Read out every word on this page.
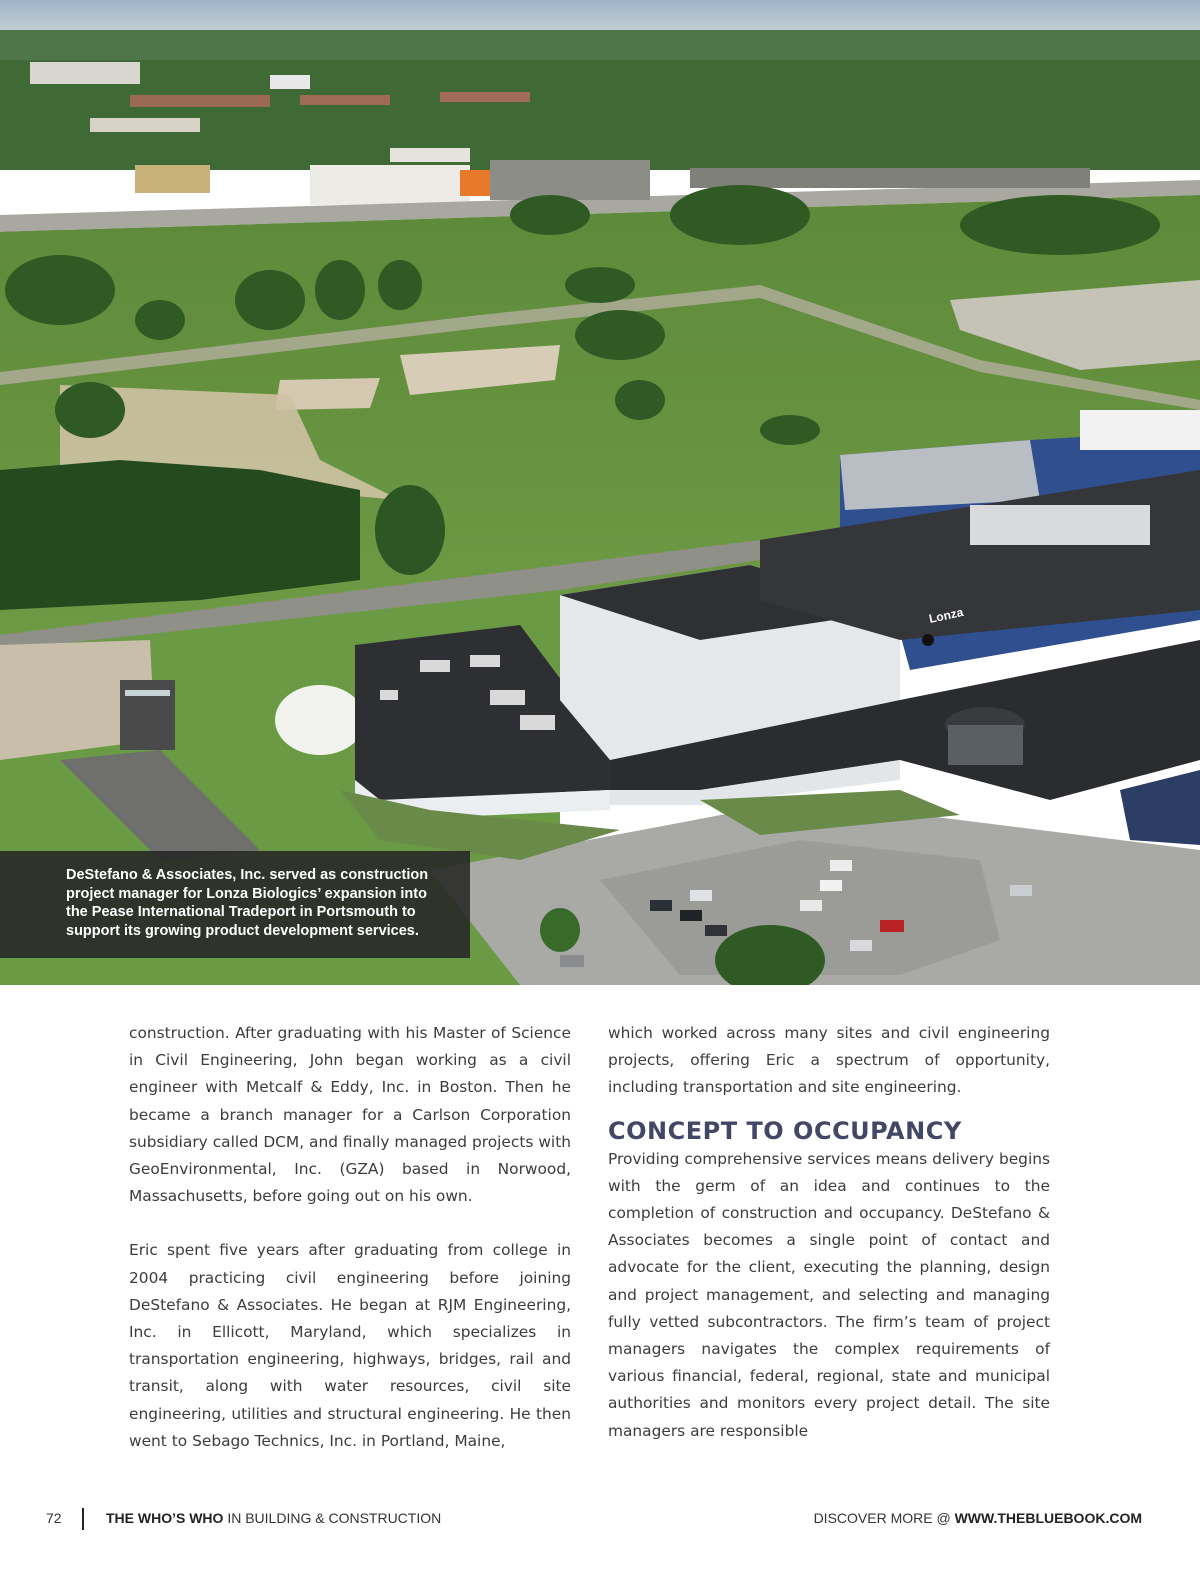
Lonza

DeStefano & Associates, Inc. served as construction project manager for Lonza Biologics’ expansion into the Pease International Tradeport in Portsmouth to support its growing product development services.

construction. After graduating with his Master of Science in Civil Engineering, John began working as a civil engineer with Metcalf & Eddy, Inc. in Boston. Then he became a branch manager for a Carlson Corporation subsidiary called DCM, and finally managed projects with GeoEnvironmental, Inc. (GZA) based in Norwood, Massachusetts, before going out on his own.

Eric spent five years after graduating from college in 2004 practicing civil engineering before joining DeStefano & Associates. He began at RJM Engineering, Inc. in Ellicott, Maryland, which specializes in transportation engineering, highways, bridges, rail and transit, along with water resources, civil site engineering, utilities and structural engineering. He then went to Sebago Technics, Inc. in Portland, Maine,

which worked across many sites and civil engineering projects, offering Eric a spectrum of opportunity, including transportation and site engineering.

CONCEPT TO OCCUPANCY

Providing comprehensive services means delivery begins with the germ of an idea and continues to the completion of construction and occupancy. DeStefano & Associates becomes a single point of contact and advocate for the client, executing the planning, design and project management, and selecting and managing fully vetted subcontractors. The firm’s team of project managers navigates the complex requirements of various financial, federal, regional, state and municipal authorities and monitors every project detail. The site managers are responsible

72	THE WHO’S WHO IN BUILDING & CONSTRUCTION	DISCOVER MORE @ WWW.THEBLUEBOOK.COM
